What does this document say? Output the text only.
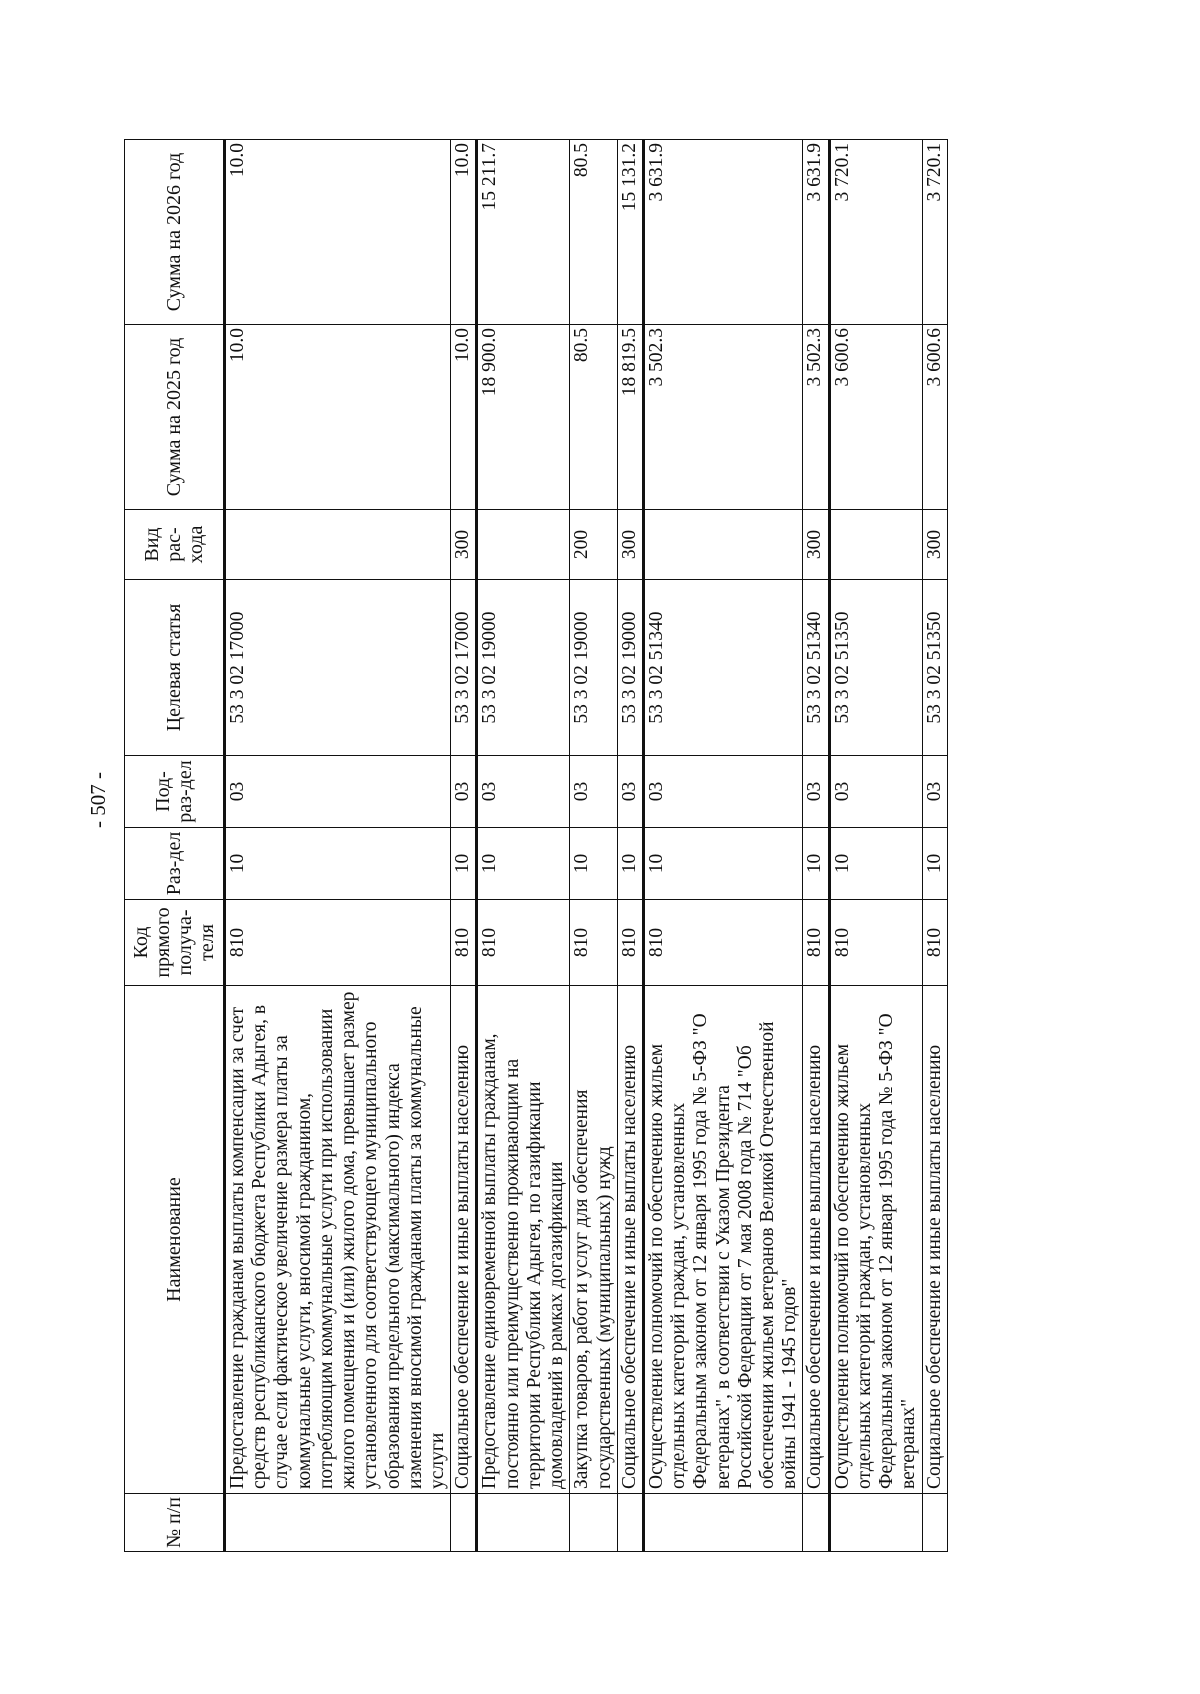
- 507 -
№ п/п	Наименование	Код прямого получа-теля	Раз-дел	Под-раз-дел	Целевая статья	Вид рас-хода	Сумма на 2025 год	Сумма на 2026 год
	Предоставление гражданам выплаты компенсации за счет средств республиканского бюджета Республики Адыгея, в случае если фактическое увеличение размера платы за коммунальные услуги, вносимой гражданином, потребляющим коммунальные услуги при использовании жилого помещения и (или) жилого дома, превышает размер установленного для соответствующего муниципального образования предельного (максимального) индекса изменения вносимой гражданами платы за коммунальные услуги	810	10	03	53 3 02 17000		10.0	10.0
	Социальное обеспечение и иные выплаты населению	810	10	03	53 3 02 17000	300	10.0	10.0
	Предоставление единовременной выплаты гражданам, постоянно или преимущественно проживающим на территории Республики Адыгея, по газификации домовладений в рамках догазификации	810	10	03	53 3 02 19000		18 900.0	15 211.7
	Закупка товаров, работ и услуг для обеспечения государственных (муниципальных) нужд	810	10	03	53 3 02 19000	200	80.5	80.5
	Социальное обеспечение и иные выплаты населению	810	10	03	53 3 02 19000	300	18 819.5	15 131.2
	Осуществление полномочий по обеспечению жильем отдельных категорий граждан, установленных Федеральным законом от 12 января 1995 года № 5-ФЗ "О ветеранах", в соответствии с Указом Президента Российской Федерации от 7 мая 2008 года № 714 "Об обеспечении жильем ветеранов Великой Отечественной войны 1941 - 1945 годов"	810	10	03	53 3 02 51340		3 502.3	3 631.9
	Социальное обеспечение и иные выплаты населению	810	10	03	53 3 02 51340	300	3 502.3	3 631.9
	Осуществление полномочий по обеспечению жильем отдельных категорий граждан, установленных Федеральным законом от 12 января 1995 года № 5-ФЗ "О ветеранах"	810	10	03	53 3 02 51350		3 600.6	3 720.1
	Социальное обеспечение и иные выплаты населению	810	10	03	53 3 02 51350	300	3 600.6	3 720.1
